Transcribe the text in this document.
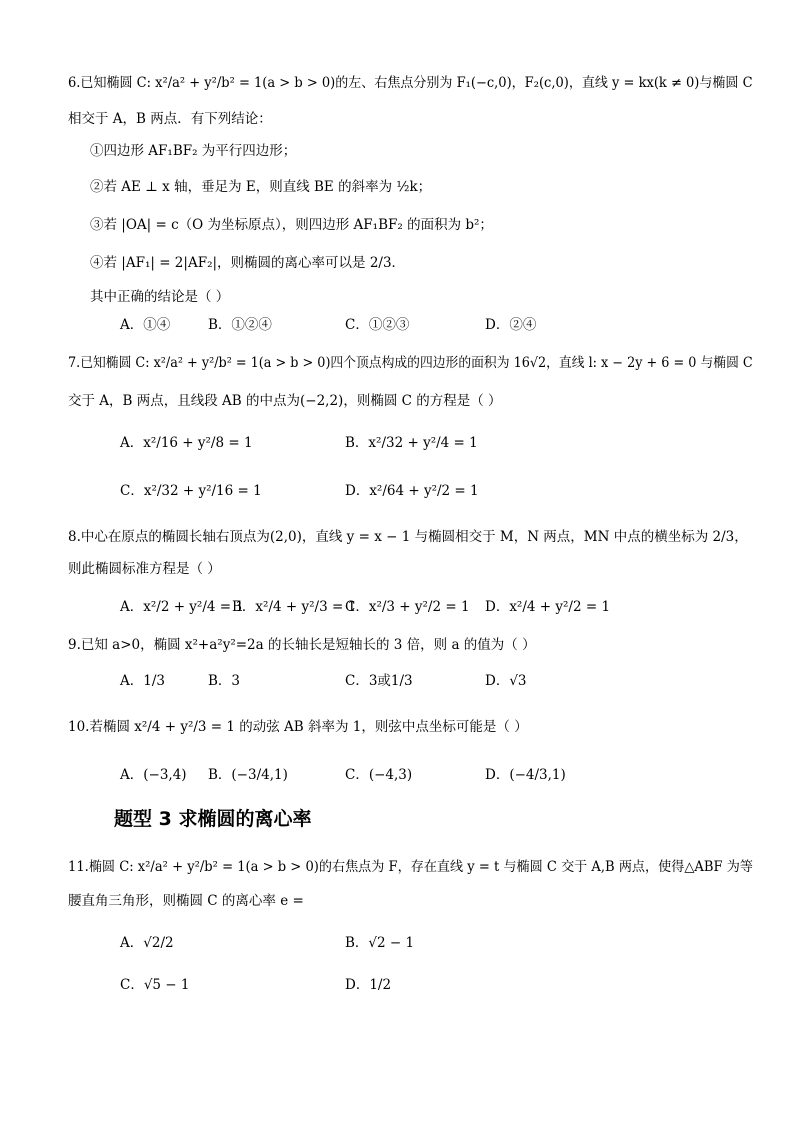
6.已知椭圆 C: x²/a² + y²/b² = 1(a > b > 0)的左、右焦点分别为 F₁(−c,0)，F₂(c,0)，直线 y = kx(k ≠ 0)与椭圆 C
相交于 A，B 两点．有下列结论：
①四边形 AF₁BF₂ 为平行四边形；
②若 AE ⊥ x 轴，垂足为 E，则直线 BE 的斜率为 ½k；
③若 |OA| = c（O 为坐标原点），则四边形 AF₁BF₂ 的面积为 b²；
④若 |AF₁| = 2|AF₂|，则椭圆的离心率可以是 2/3．
其中正确的结论是（ ）
A．①④	B．①②④	C．①②③	D．②④
7.已知椭圆 C: x²/a² + y²/b² = 1(a > b > 0)四个顶点构成的四边形的面积为 16√2，直线 l: x − 2y + 6 = 0 与椭圆 C
交于 A，B 两点，且线段 AB 的中点为(−2,2)，则椭圆 C 的方程是（ ）
A．x²/16 + y²/8 = 1	B．x²/32 + y²/4 = 1
C．x²/32 + y²/16 = 1	D．x²/64 + y²/2 = 1
8.中心在原点的椭圆长轴右顶点为(2,0)，直线 y = x − 1 与椭圆相交于 M，N 两点，MN 中点的横坐标为 2/3，
则此椭圆标准方程是（ ）
A．x²/2 + y²/4 = 1
B．x²/4 + y²/3 = 1
C．x²/3 + y²/2 = 1 D．x²/4 + y²/2 = 1
9.已知 a>0，椭圆 x²+a²y²=2a 的长轴长是短轴长的 3 倍，则 a 的值为（ ）
A．1/3	B．3	C．3或1/3	D．√3
10.若椭圆 x²/4 + y²/3 = 1 的动弦 AB 斜率为 1，则弦中点坐标可能是（ ）
A．(−3,4) B．(−3/4,1)	C．(−4,3)	D．(−4/3,1)
题型 3 求椭圆的离心率
11.椭圆 C: x²/a² + y²/b² = 1(a > b > 0)的右焦点为 F，存在直线 y = t 与椭圆 C 交于 A,B 两点，使得△ABF 为等
腰直角三角形，则椭圆 C 的离心率 e =
A．√2/2	B．√2 − 1
C．√5 − 1	D．1/2
